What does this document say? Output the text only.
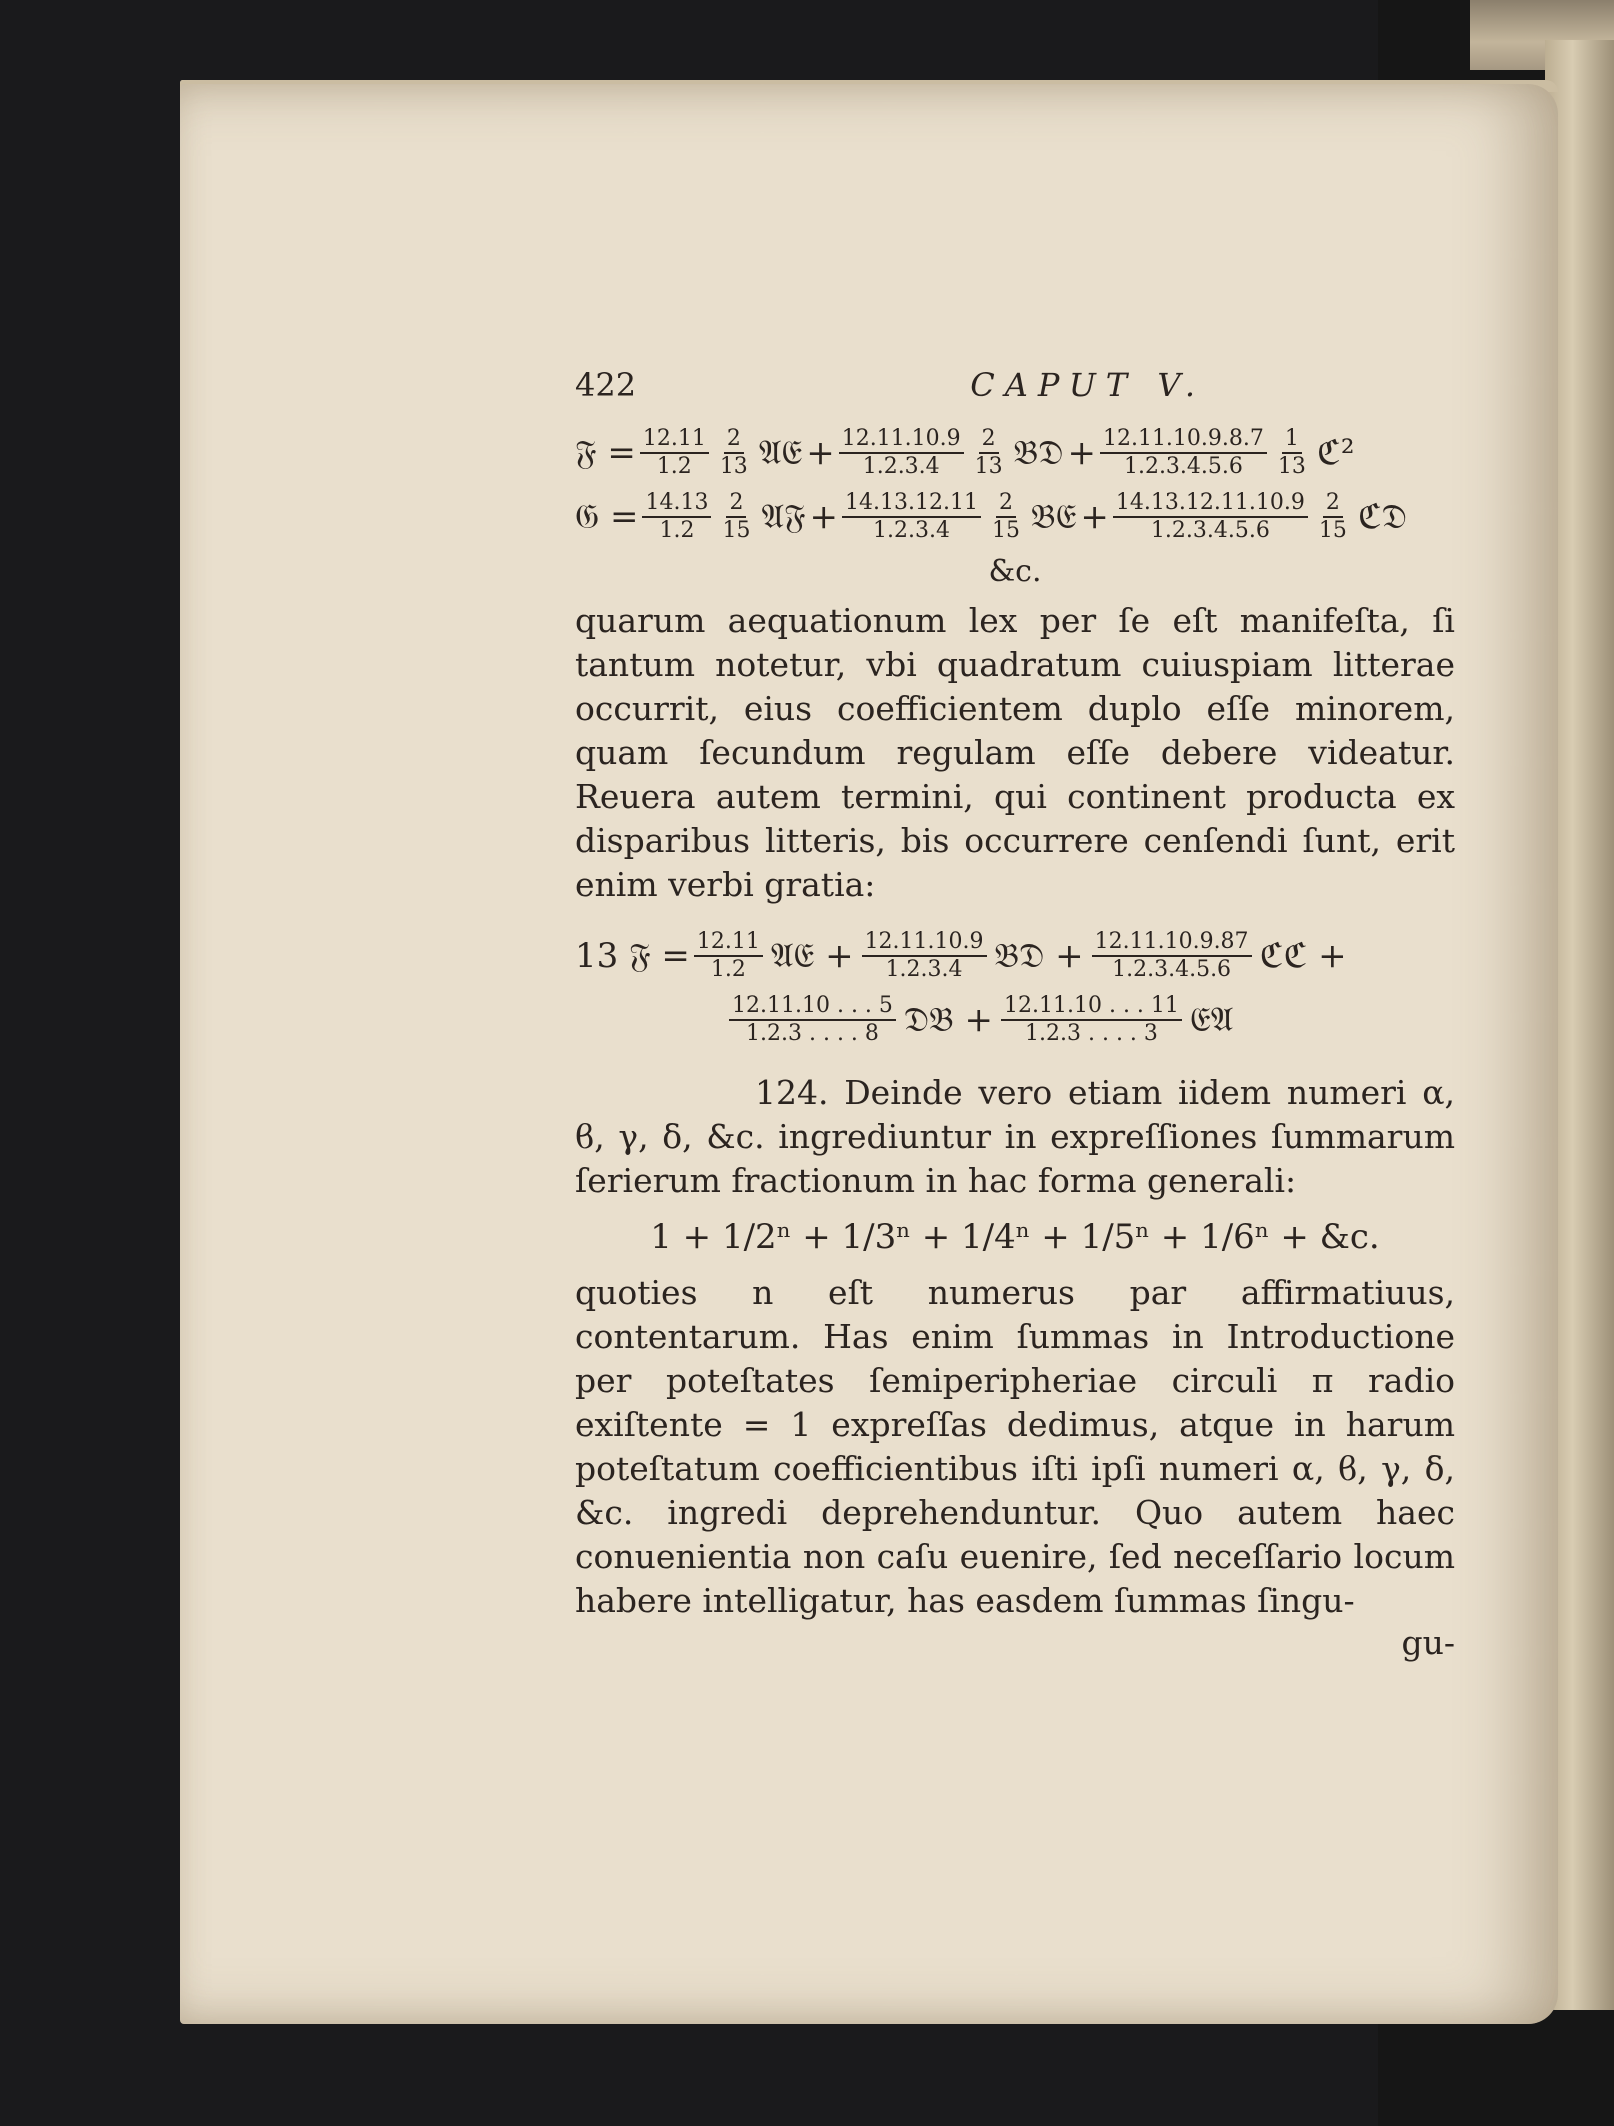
422	CAPUT V.
𝔉 = $\frac{12.11}{1.2} \frac{2}{13}$ 𝔄𝔈 + $\frac{12.11.10.9}{1.2.3.4} \frac{2}{13}$ 𝔅𝔇 + $\frac{12.11.10.9.8.7}{1.2.3.4.5.6} \frac{1}{13}$ ℭ²
𝔊 = $\frac{14.13}{1.2} \frac{2}{15}$ 𝔄𝔉 + $\frac{14.13.12.11}{1.2.3.4} \frac{2}{15}$ 𝔅𝔈 + $\frac{14.13.12.11.10.9}{1.2.3.4.5.6} \frac{2}{15}$ ℭ𝔇
&c.

quarum aequationum lex per ſe eſt manifeſta, ſi tantum notetur, vbi quadratum cuiuspiam litterae occurrit, eius coefficientem duplo eſſe minorem, quam ſecundum regulam eſſe debere videatur. Reuera autem termini, qui continent producta ex disparibus litteris, bis occurrere cenſendi ſunt, erit enim verbi gratia:

13 𝔉 = $\frac{12.11}{1.2}$ 𝔄𝔈 + $\frac{12.11.10.9}{1.2.3.4}$ 𝔅𝔇 + $\frac{12.11.10.9.87}{1.2.3.4.5.6}$ ℭℭ +
$\frac{12.11.10 . . . 5}{1.2.3 . . . . 8}$ 𝔇𝔅 + $\frac{12.11.10 . . . 11}{1.2.3 . . . . 3}$ 𝔈𝔄

124. Deinde vero etiam iidem numeri α, ϐ, γ, δ, &c. ingrediuntur in expreſſiones ſummarum ſerierum fractionum in hac forma generali:

1 + 1/2ⁿ + 1/3ⁿ + 1/4ⁿ + 1/5ⁿ + 1/6ⁿ + &c.

quoties n eſt numerus par affirmatiuus, contentarum. Has enim ſummas in Introductione per poteſtates ſemiperipheriae circuli π radio exiſtente = 1 expreſſas dedimus, atque in harum poteſtatum coefficientibus iſti ipſi numeri α, ϐ, γ, δ, &c. ingredi deprehenduntur. Quo autem haec conuenientia non caſu euenire, ſed neceſſario locum habere intelligatur, has easdem ſummas ſingu-

gu-
